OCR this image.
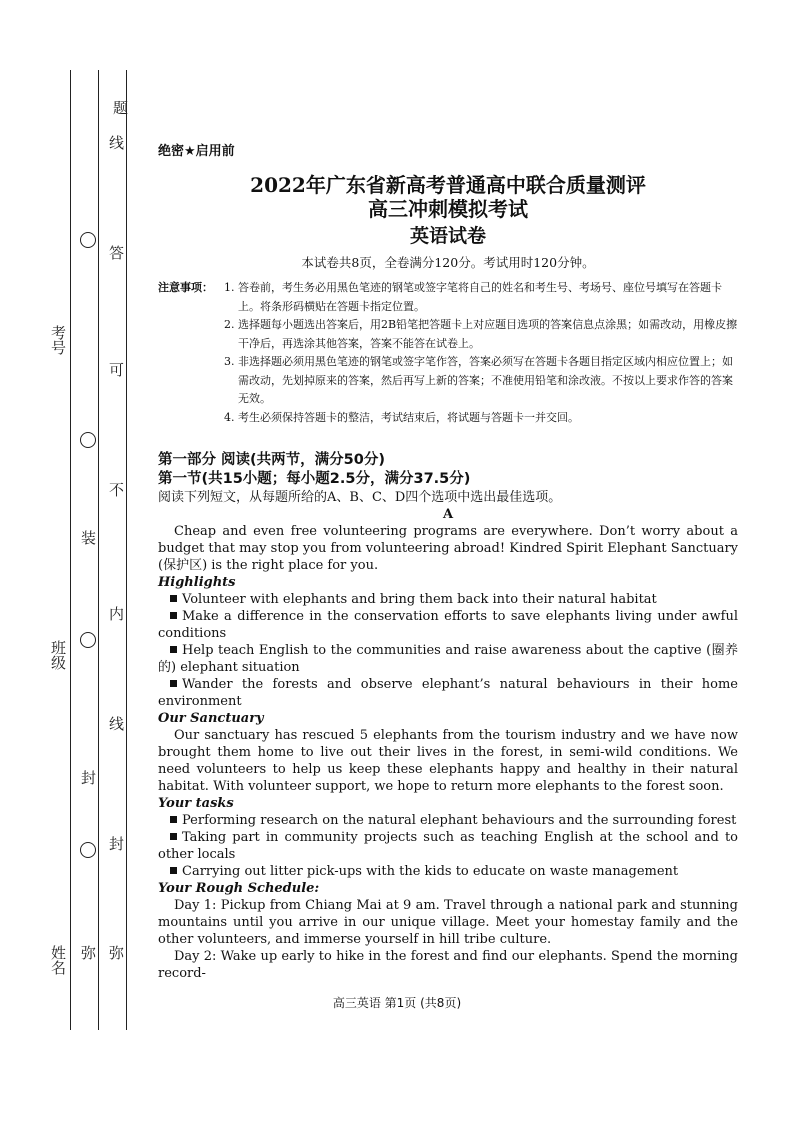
考号
班级
姓名
封
弥
装
线
答
可
不
内
线
封
弥
题
绝密★启用前
2022年广东省新高考普通高中联合质量测评
高三冲刺模拟考试
英语试卷
本试卷共8页，全卷满分120分。考试用时120分钟。
注意事项：	1. 答卷前，考生务必用黑色笔迹的钢笔或签字笔将自己的姓名和考生号、考场号、座位号填写在答题卡上。将条形码横贴在答题卡指定位置。
2. 选择题每小题选出答案后，用2B铅笔把答题卡上对应题目选项的答案信息点涂黑；如需改动，用橡皮擦干净后，再选涂其他答案，答案不能答在试卷上。
3. 非选择题必须用黑色笔迹的钢笔或签字笔作答，答案必须写在答题卡各题目指定区域内相应位置上；如需改动，先划掉原来的答案，然后再写上新的答案；不准使用铅笔和涂改液。不按以上要求作答的答案无效。
4. 考生必须保持答题卡的整洁，考试结束后，将试题与答题卡一并交回。
第一部分 阅读(共两节，满分50分)
第一节(共15小题；每小题2.5分，满分37.5分)
阅读下列短文，从每题所给的A、B、C、D四个选项中选出最佳选项。
A
Cheap and even free volunteering programs are everywhere. Don’t worry about a budget that may stop you from volunteering abroad! Kindred Spirit Elephant Sanctuary (保护区) is the right place for you.
Highlights
Volunteer with elephants and bring them back into their natural habitat
Make a difference in the conservation efforts to save elephants living under awful conditions
Help teach English to the communities and raise awareness about the captive (圈养的) elephant situation
Wander the forests and observe elephant’s natural behaviours in their home environment
Our Sanctuary
Our sanctuary has rescued 5 elephants from the tourism industry and we have now brought them home to live out their lives in the forest, in semi-wild conditions. We need volunteers to help us keep these elephants happy and healthy in their natural habitat. With volunteer support, we hope to return more elephants to the forest soon.
Your tasks
Performing research on the natural elephant behaviours and the surrounding forest
Taking part in community projects such as teaching English at the school and to other locals
Carrying out litter pick-ups with the kids to educate on waste management
Your Rough Schedule:
Day 1: Pickup from Chiang Mai at 9 am. Travel through a national park and stunning mountains until you arrive in our unique village. Meet your homestay family and the other volunteers, and immerse yourself in hill tribe culture.
Day 2: Wake up early to hike in the forest and find our elephants. Spend the morning record-
高三英语 第1页 (共8页)
